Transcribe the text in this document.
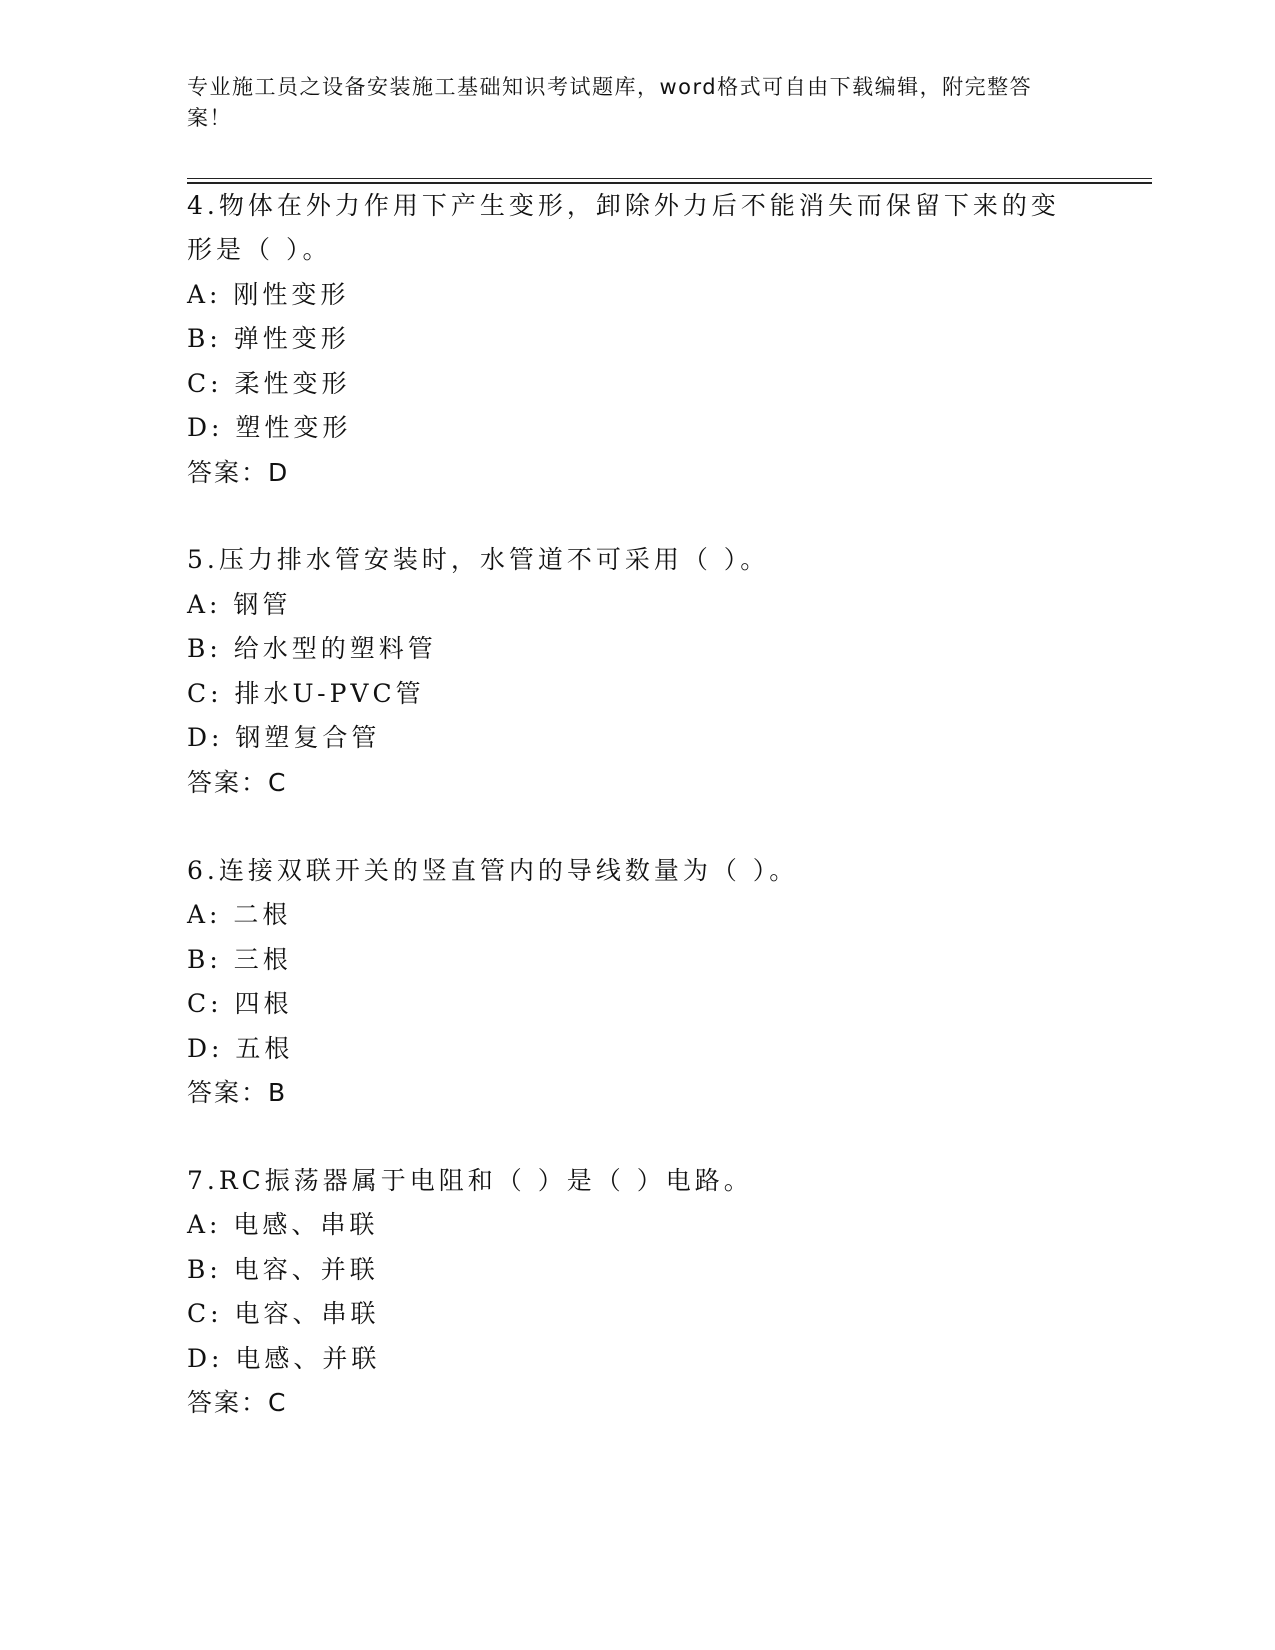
专业施工员之设备安装施工基础知识考试题库，word格式可自由下载编辑，附完整答案！
4.物体在外力作用下产生变形，卸除外力后不能消失而保留下来的变
形是（ ）。
A: 刚性变形
B: 弹性变形
C: 柔性变形
D: 塑性变形
答案：D
5.压力排水管安装时，水管道不可采用（ ）。
A: 钢管
B: 给水型的塑料管
C: 排水U-PVC管
D: 钢塑复合管
答案：C
6.连接双联开关的竖直管内的导线数量为（ ）。
A: 二根
B: 三根
C: 四根
D: 五根
答案：B
7.RC振荡器属于电阻和（ ）是（ ）电路。
A: 电感、串联
B: 电容、并联
C: 电容、串联
D: 电感、并联
答案：C
